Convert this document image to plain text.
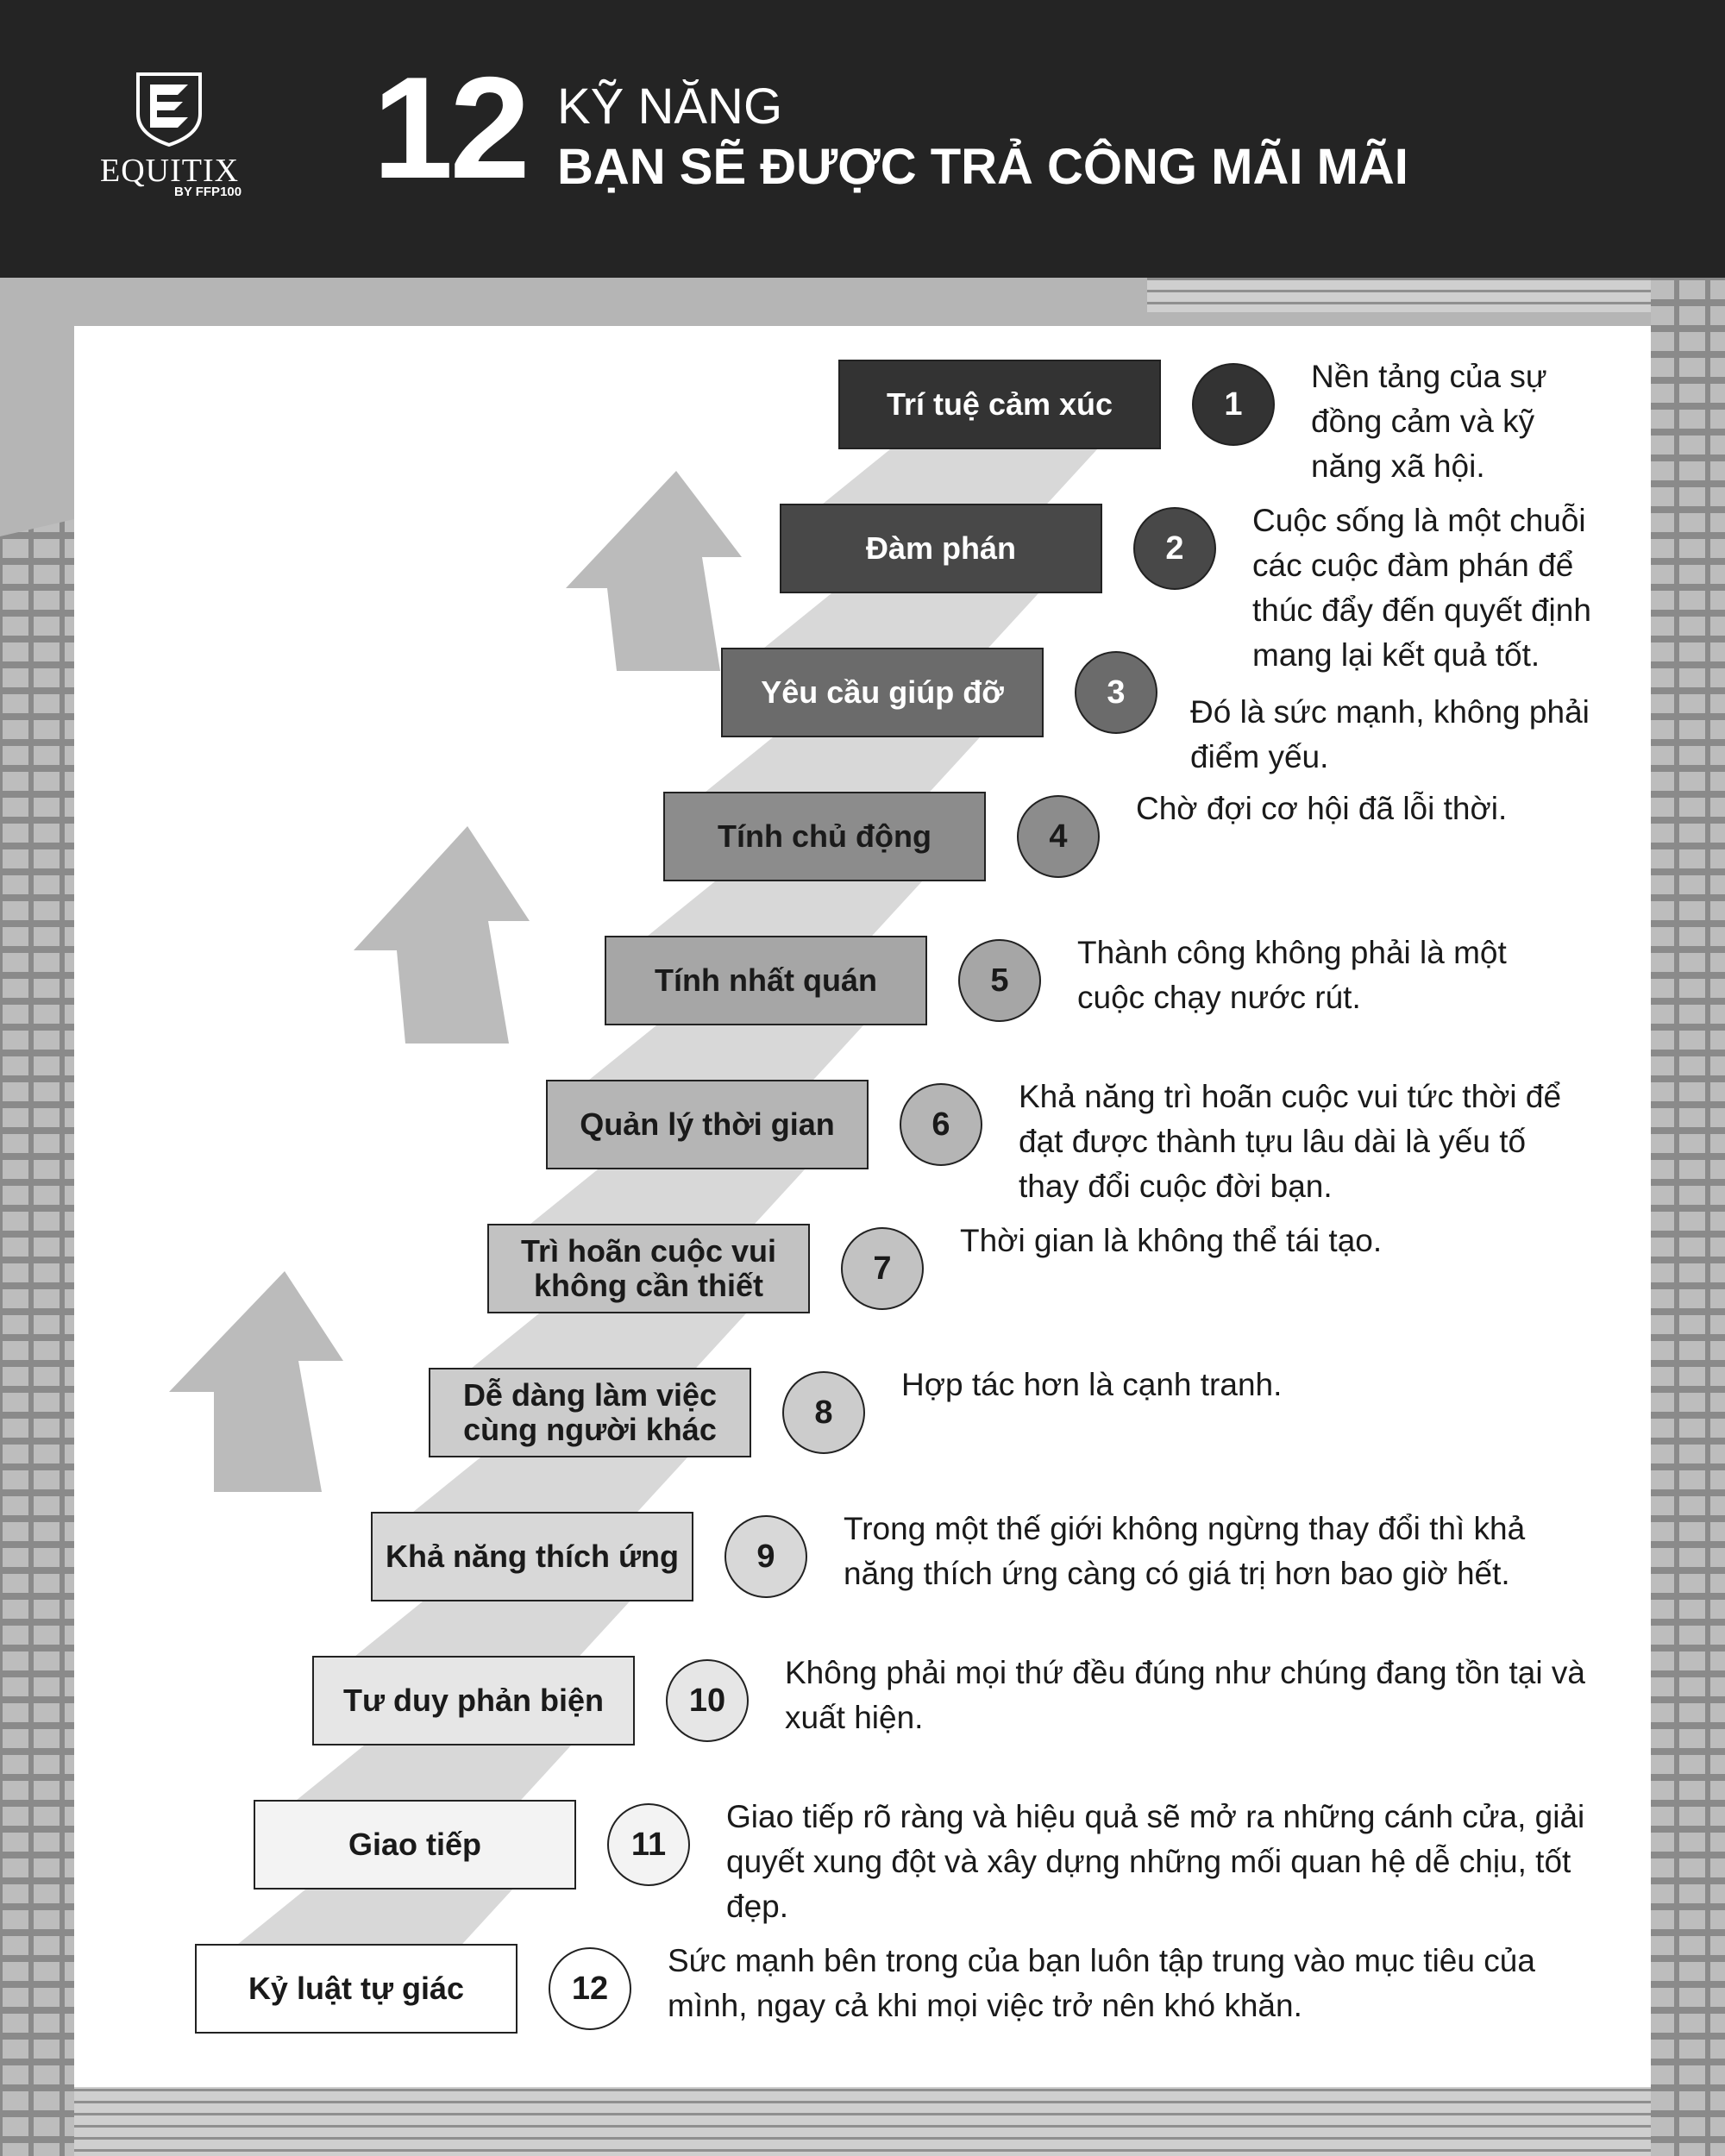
EQUITIX
BY FFP100 12 KỸ NĂNG
BẠN SẼ ĐƯỢC TRẢ CÔNG MÃI MÃI
Trí tuệ cảm xúc	1
Nền tảng của sự đồng cảm và kỹ năng xã hội.
Đàm phán	2
Cuộc sống là một chuỗi các cuộc đàm phán để thúc đẩy đến quyết định mang lại kết quả tốt.
Yêu cầu giúp đỡ	3
Đó là sức mạnh, không phải điểm yếu.
Tính chủ động	4
Chờ đợi cơ hội đã lỗi thời.
Tính nhất quán	5
Thành công không phải là một cuộc chạy nước rút.
Quản lý thời gian	6
Khả năng trì hoãn cuộc vui tức thời để đạt được thành tựu lâu dài là yếu tố thay đổi cuộc đời bạn.
Trì hoãn cuộc vui không cần thiết	7
Thời gian là không thể tái tạo.
Dễ dàng làm việc cùng người khác	8
Hợp tác hơn là cạnh tranh.
Khả năng thích ứng	9
Trong một thế giới không ngừng thay đổi thì khả năng thích ứng càng có giá trị hơn bao giờ hết.
Tư duy phản biện	10
Không phải mọi thứ đều đúng như chúng đang tồn tại và xuất hiện.
Giao tiếp	11
Giao tiếp rõ ràng và hiệu quả sẽ mở ra những cánh cửa, giải quyết xung đột và xây dựng những mối quan hệ dễ chịu, tốt đẹp.
Kỷ luật tự giác	12
Sức mạnh bên trong của bạn luôn tập trung vào mục tiêu của mình, ngay cả khi mọi việc trở nên khó khăn.
